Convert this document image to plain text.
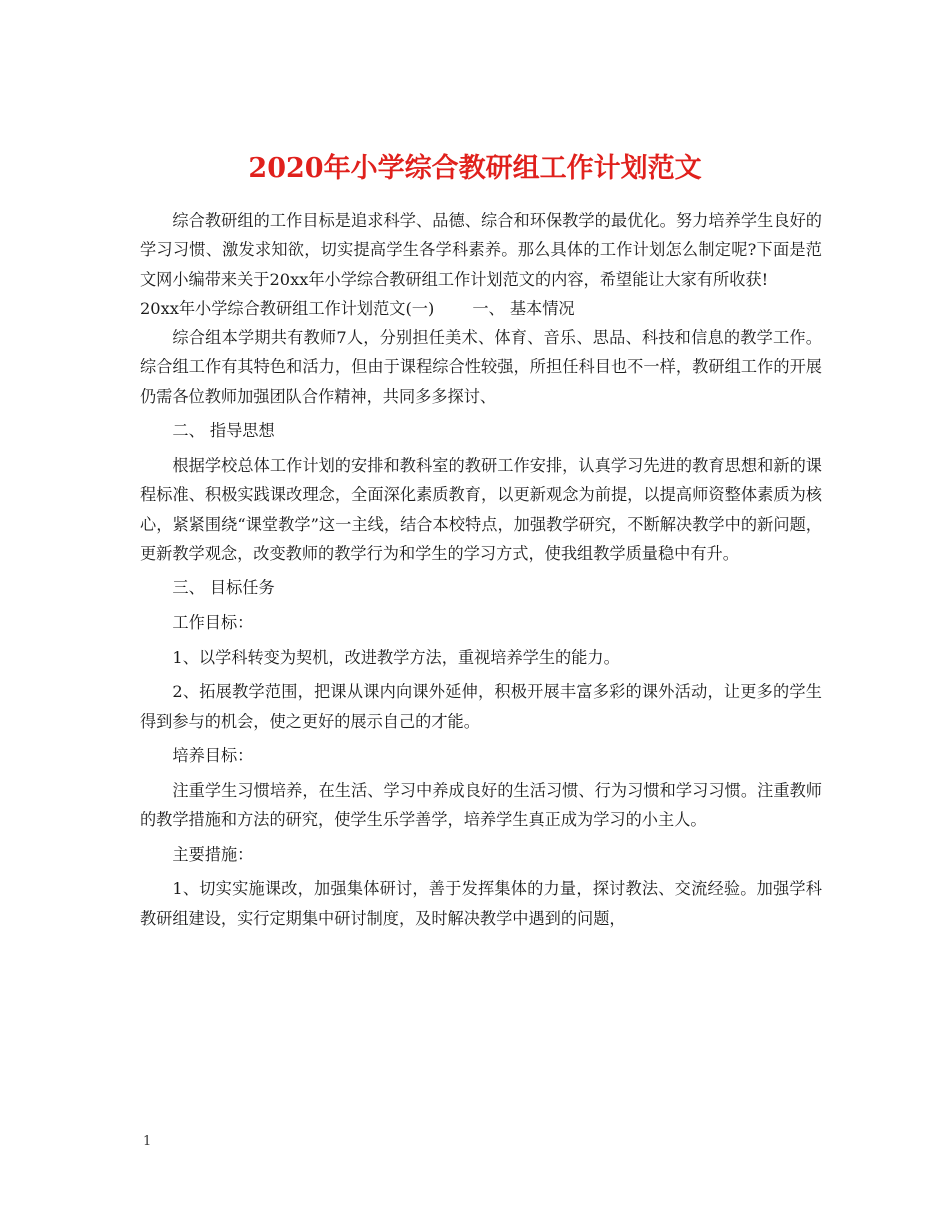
2020年小学综合教研组工作计划范文

综合教研组的工作目标是追求科学、品德、综合和环保教学的最优化。努力培养学生良好的学习习惯、激发求知欲，切实提高学生各学科素养。那么具体的工作计划怎么制定呢?下面是范文网小编带来关于20xx年小学综合教研组工作计划范文的内容，希望能让大家有所收获!

20xx年小学综合教研组工作计划范文(一) 一、 基本情况

综合组本学期共有教师7人，分别担任美术、体育、音乐、思品、科技和信息的教学工作。综合组工作有其特色和活力，但由于课程综合性较强，所担任科目也不一样，教研组工作的开展仍需各位教师加强团队合作精神，共同多多探讨、

二、 指导思想

根据学校总体工作计划的安排和教科室的教研工作安排，认真学习先进的教育思想和新的课程标准、积极实践课改理念，全面深化素质教育，以更新观念为前提，以提高师资整体素质为核心，紧紧围绕“课堂教学”这一主线，结合本校特点，加强教学研究，不断解决教学中的新问题，更新教学观念，改变教师的教学行为和学生的学习方式，使我组教学质量稳中有升。

三、 目标任务

工作目标：

1、以学科转变为契机，改进教学方法，重视培养学生的能力。

2、拓展教学范围，把课从课内向课外延伸，积极开展丰富多彩的课外活动，让更多的学生得到参与的机会，使之更好的展示自己的才能。

培养目标：

注重学生习惯培养，在生活、学习中养成良好的生活习惯、行为习惯和学习习惯。注重教师的教学措施和方法的研究，使学生乐学善学，培养学生真正成为学习的小主人。

主要措施：

1、切实实施课改，加强集体研讨，善于发挥集体的力量，探讨教法、交流经验。加强学科教研组建设，实行定期集中研讨制度，及时解决教学中遇到的问题，

1
